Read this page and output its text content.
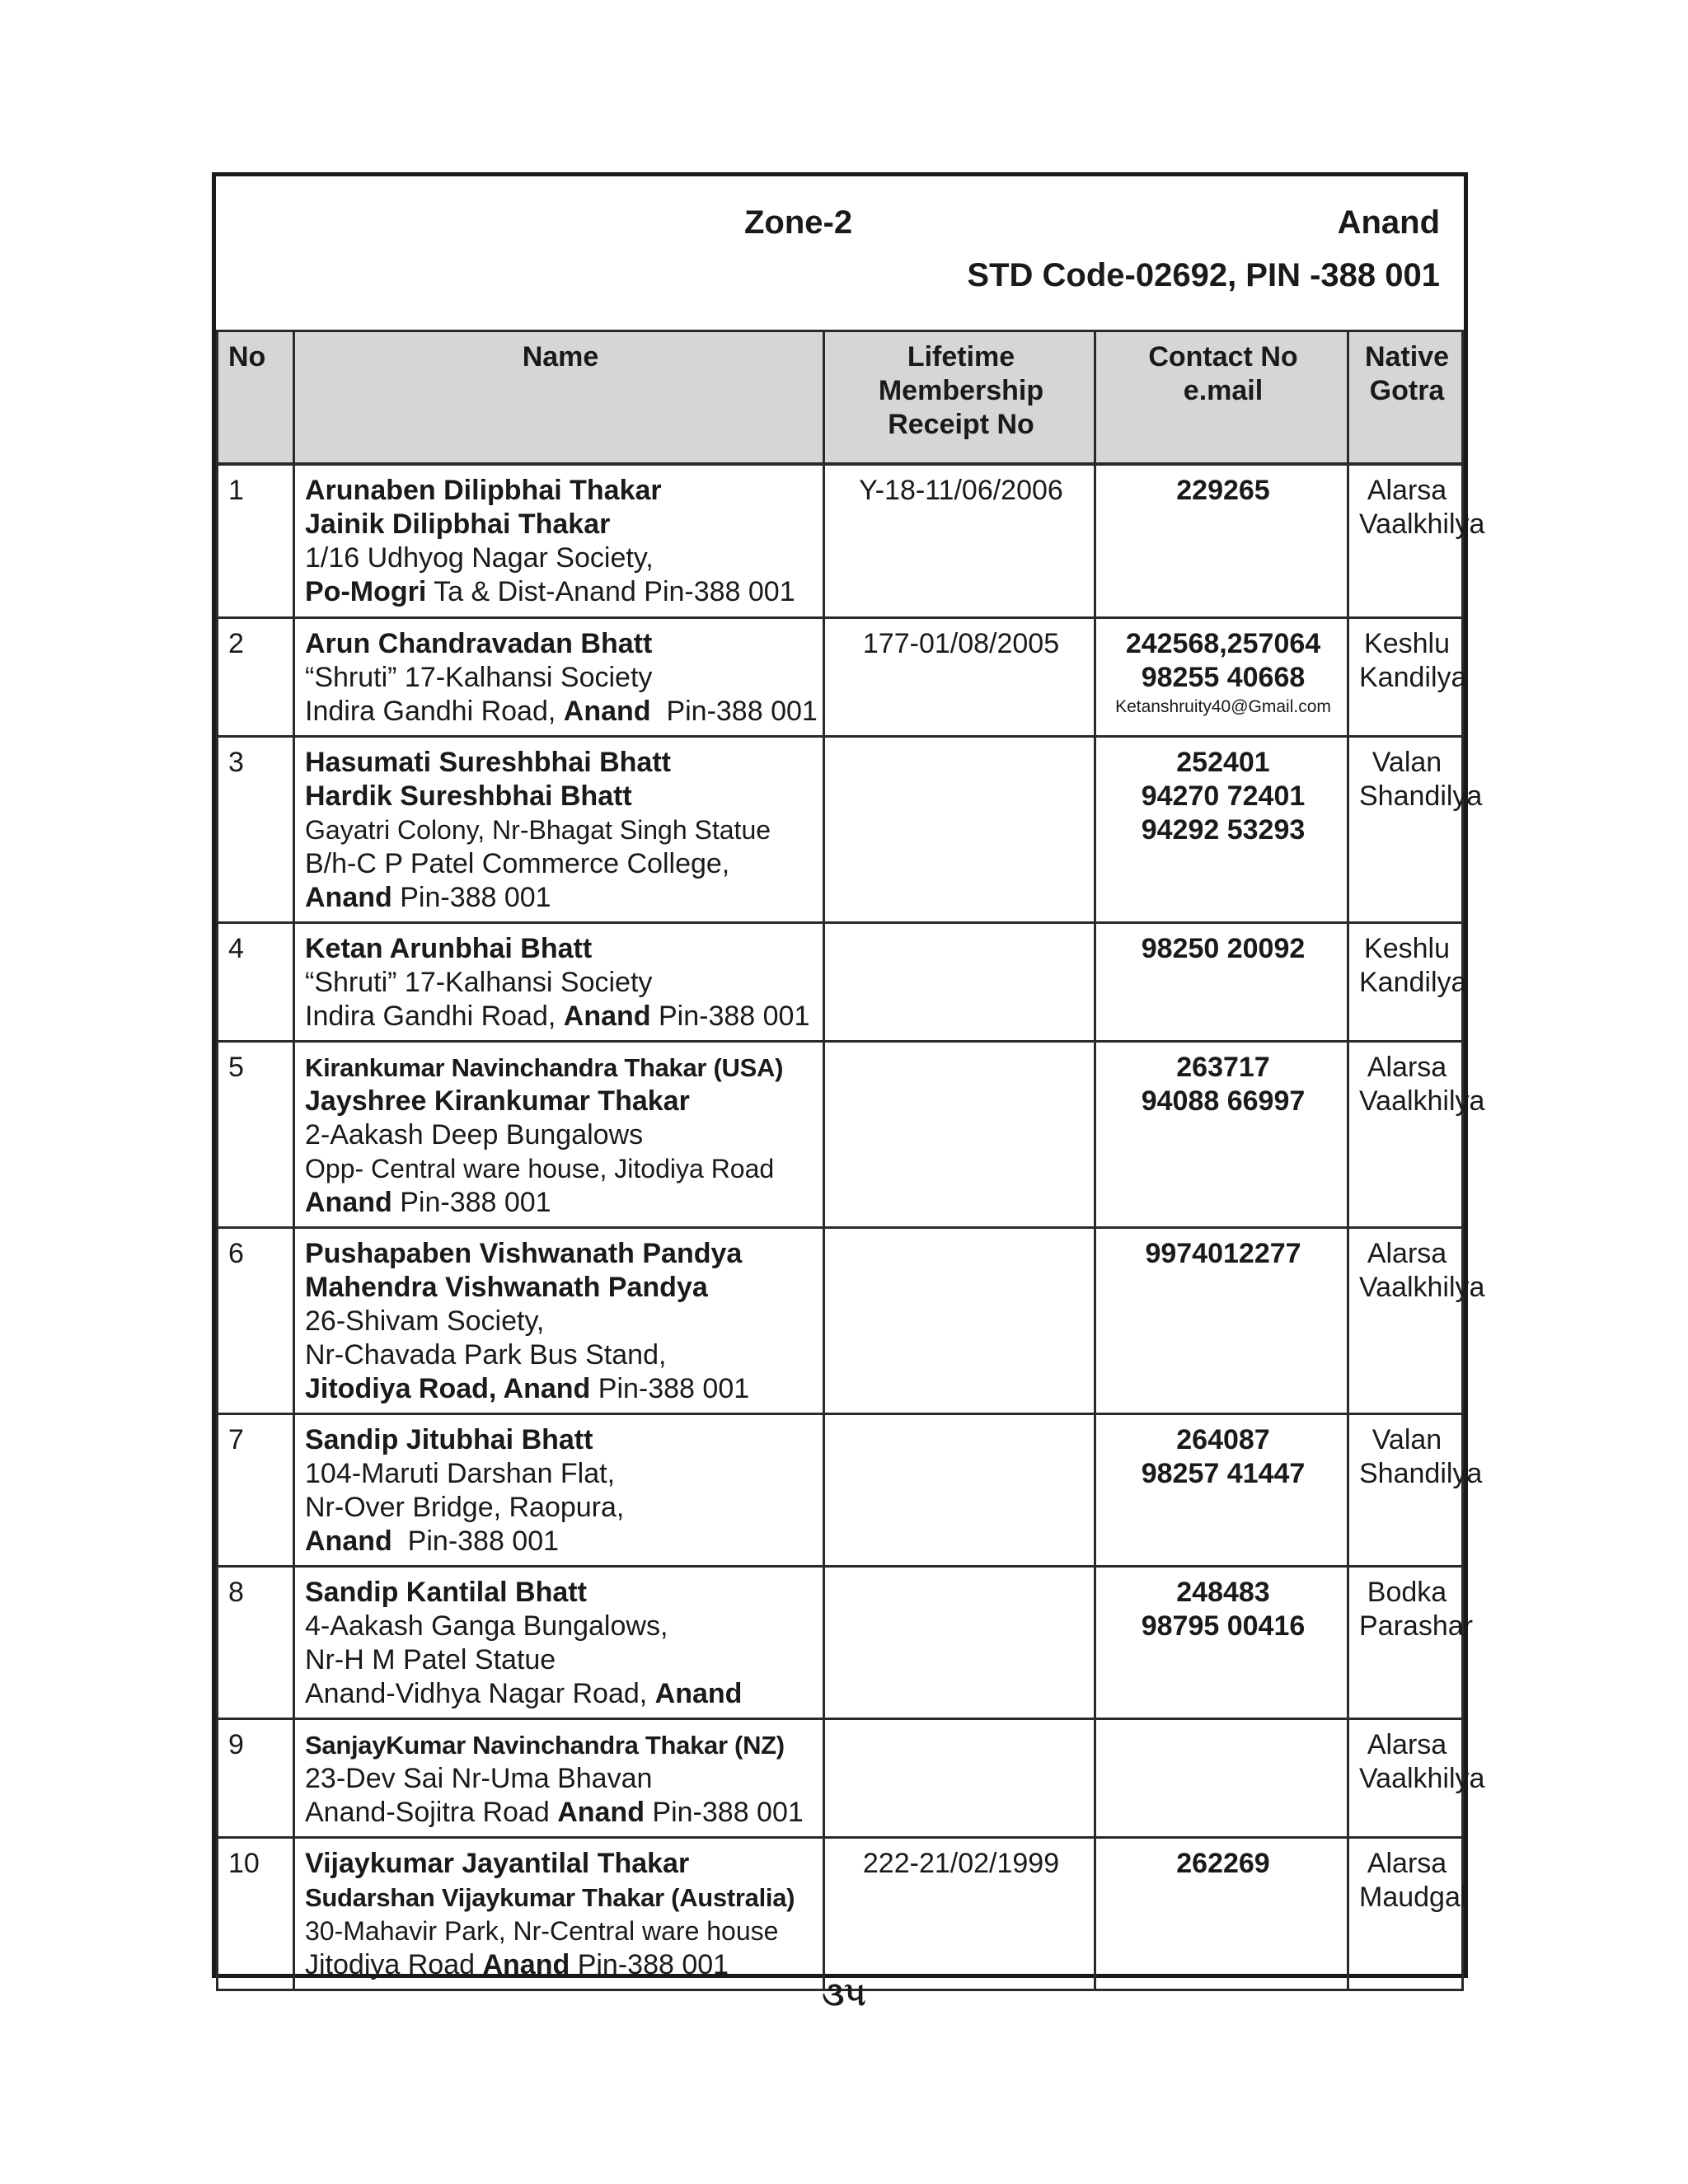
Zone-2	Anand
STD Code-02692, PIN -388 001
No	Name	Lifetime
Membership
Receipt No	Contact No
e.mail	Native
Gotra

1	Arunaben Dilipbhai Thakar
Jainik Dilipbhai Thakar
1/16 Udhyog Nagar Society,
Po-Mogri Ta & Dist-Anand Pin-388 001	Y-18-11/06/2006	229265	Alarsa
Vaalkhilya

2	Arun Chandravadan Bhatt
“Shruti” 17-Kalhansi Society
Indira Gandhi Road, Anand  Pin-388 001	177-01/08/2005	242568,257064
98255 40668
Ketanshruity40@Gmail.com	Keshlu
Kandilya

3	Hasumati Sureshbhai Bhatt
Hardik Sureshbhai Bhatt
Gayatri Colony, Nr-Bhagat Singh Statue
B/h-C P Patel Commerce College,
Anand Pin-388 001		252401
94270 72401
94292 53293	Valan
Shandilya

4	Ketan Arunbhai Bhatt
“Shruti” 17-Kalhansi Society
Indira Gandhi Road, Anand Pin-388 001		98250 20092	Keshlu
Kandilya

5	Kirankumar Navinchandra Thakar (USA)
Jayshree Kirankumar Thakar
2-Aakash Deep Bungalows
Opp- Central ware house, Jitodiya Road
Anand Pin-388 001		263717
94088 66997	Alarsa
Vaalkhilya

6	Pushapaben Vishwanath Pandya
Mahendra Vishwanath Pandya
26-Shivam Society,
Nr-Chavada Park Bus Stand,
Jitodiya Road, Anand Pin-388 001		9974012277	Alarsa
Vaalkhilya

7	Sandip Jitubhai Bhatt
104-Maruti Darshan Flat,
Nr-Over Bridge, Raopura,
Anand  Pin-388 001		264087
98257 41447	Valan
Shandilya

8	Sandip Kantilal Bhatt
4-Aakash Ganga Bungalows,
Nr-H M Patel Statue
Anand-Vidhya Nagar Road, Anand		248483
98795 00416	Bodka
Parashar

9	SanjayKumar Navinchandra Thakar (NZ)
23-Dev Sai Nr-Uma Bhavan
Anand-Sojitra Road Anand Pin-388 001			Alarsa
Vaalkhilya

10	Vijaykumar Jayantilal Thakar
Sudarshan Vijaykumar Thakar (Australia)
30-Mahavir Park, Nr-Central ware house
Jitodiya Road Anand Pin-388 001	222-21/02/1999	262269	Alarsa
Maudgal
૩૫
